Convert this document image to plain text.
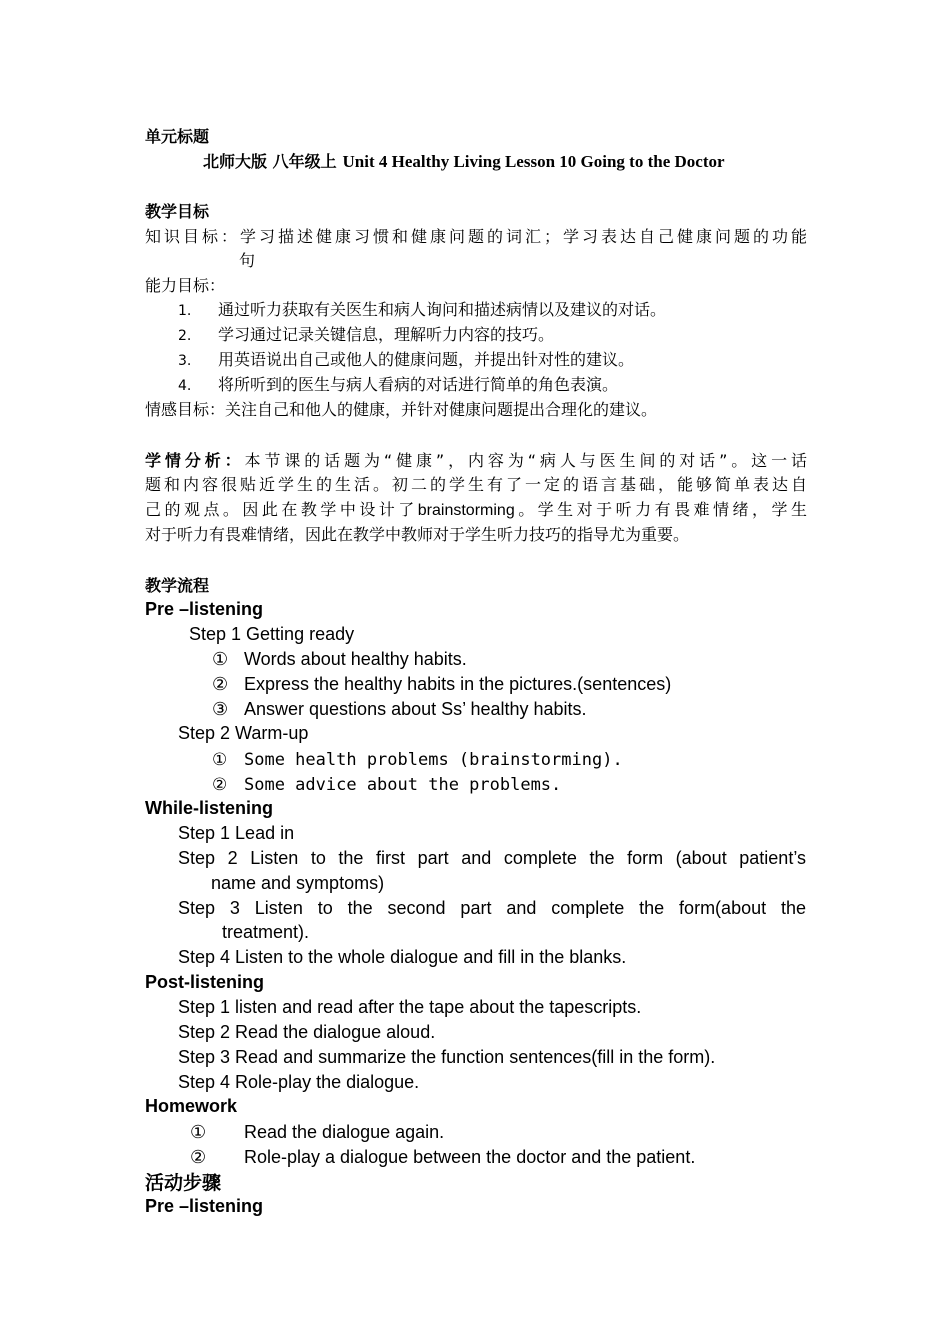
单元标题
北师大版 八年级上 Unit 4 Healthy Living Lesson 10 Going to the Doctor
教学目标
知识目标：学习描述健康习惯和健康问题的词汇；学习表达自己健康问题的功能
句
能力目标：
1. 通过听力获取有关医生和病人询问和描述病情以及建议的对话。
2. 学习通过记录关键信息，理解听力内容的技巧。
3. 用英语说出自己或他人的健康问题，并提出针对性的建议。
4. 将所听到的医生与病人看病的对话进行简单的角色表演。
情感目标：关注自己和他人的健康，并针对健康问题提出合理化的建议。
学情分析：本节课的话题为“健康”，内容为“病人与医生间的对话”。这一话
题和内容很贴近学生的生活。初二的学生有了一定的语言基础，能够简单表达自
己的观点。因此在教学中设计了brainstorming。学生对于听力有畏难情绪，学生
对于听力有畏难情绪，因此在教学中教师对于学生听力技巧的指导尤为重要。
教学流程
Pre –listening
Step 1 Getting ready
① Words about healthy habits.
② Express the healthy habits in the pictures.(sentences)
③ Answer questions about Ss’ healthy habits.
Step 2 Warm-up
① Some health problems (brainstorming).
② Some advice about the problems.
While-listening
Step 1 Lead in
Step 2 Listen to the first part and complete the form (about patient’s
name and symptoms)
Step 3 Listen to the second part and complete the form(about the
treatment).
Step 4 Listen to the whole dialogue and fill in the blanks.
Post-listening
Step 1 listen and read after the tape about the tapescripts.
Step 2 Read the dialogue aloud.
Step 3 Read and summarize the function sentences(fill in the form).
Step 4 Role-play the dialogue.
Homework
① Read the dialogue again.
② Role-play a dialogue between the doctor and the patient.
活动步骤
Pre –listening
